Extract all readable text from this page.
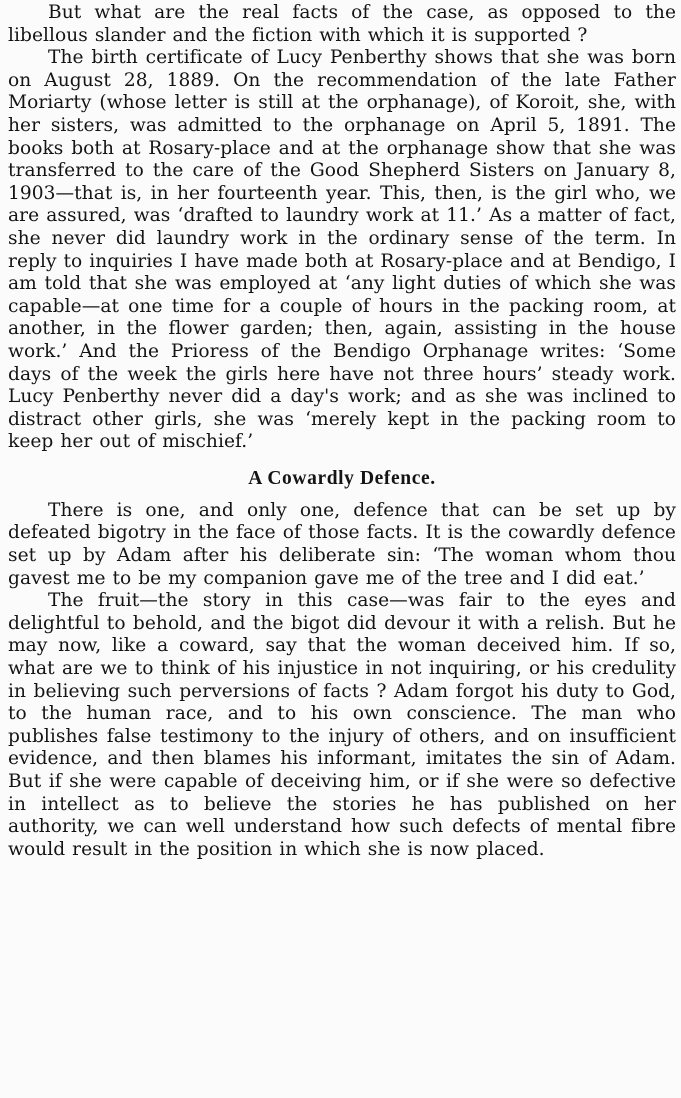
But what are the real facts of the case, as opposed to the libellous slander and the fiction with which it is supported ?

The birth certificate of Lucy Penberthy shows that she was born on August 28, 1889. On the recommendation of the late Father Moriarty (whose letter is still at the orphanage), of Koroit, she, with her sisters, was admitted to the orphanage on April 5, 1891. The books both at Rosary-place and at the orphanage show that she was transferred to the care of the Good Shepherd Sisters on January 8, 1903—that is, in her fourteenth year. This, then, is the girl who, we are assured, was ‘drafted to laundry work at 11.’ As a matter of fact, she never did laundry work in the ordinary sense of the term. In reply to inquiries I have made both at Rosary-place and at Bendigo, I am told that she was employed at ‘any light duties of which she was capable—at one time for a couple of hours in the packing room, at another, in the flower garden; then, again, assisting in the house work.’ And the Prioress of the Bendigo Orphanage writes: ‘Some days of the week the girls here have not three hours’ steady work. Lucy Penberthy never did a day's work; and as she was inclined to distract other girls, she was ‘merely kept in the packing room to keep her out of mischief.’

A Cowardly Defence.

There is one, and only one, defence that can be set up by defeated bigotry in the face of those facts. It is the cowardly defence set up by Adam after his deliberate sin: ‘The woman whom thou gavest me to be my companion gave me of the tree and I did eat.’

The fruit—the story in this case—was fair to the eyes and delightful to behold, and the bigot did devour it with a relish. But he may now, like a coward, say that the woman deceived him. If so, what are we to think of his injustice in not inquiring, or his credulity in believing such perversions of facts ? Adam forgot his duty to God, to the human race, and to his own conscience. The man who publishes false testimony to the injury of others, and on insufficient evidence, and then blames his informant, imitates the sin of Adam. But if she were capable of deceiving him, or if she were so defective in intellect as to believe the stories he has published on her authority, we can well understand how such defects of mental fibre would result in the position in which she is now placed.
